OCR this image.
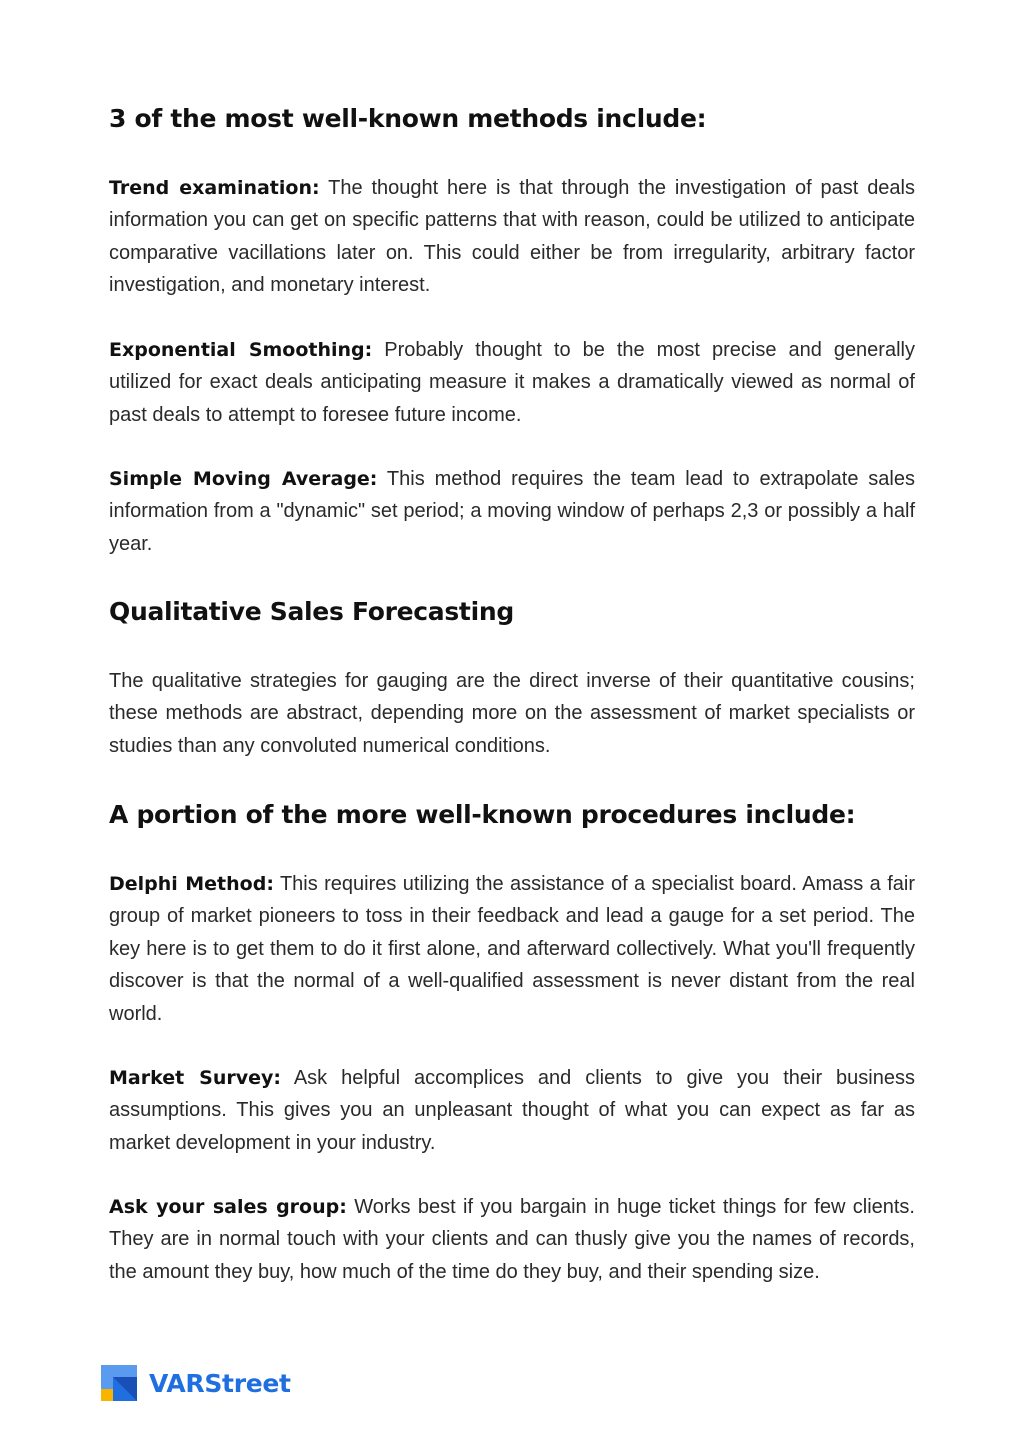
3 of the most well-known methods include:

Trend examination: The thought here is that through the investigation of past deals information you can get on specific patterns that with reason, could be utilized to anticipate comparative vacillations later on. This could either be from irregularity, arbitrary factor investigation, and monetary interest.

Exponential Smoothing: Probably thought to be the most precise and generally utilized for exact deals anticipating measure it makes a dramatically viewed as normal of past deals to attempt to foresee future income.

Simple Moving Average: This method requires the team lead to extrapolate sales information from a "dynamic" set period; a moving window of perhaps 2,3 or possibly a half year.

Qualitative Sales Forecasting

The qualitative strategies for gauging are the direct inverse of their quantitative cousins; these methods are abstract, depending more on the assessment of market specialists or studies than any convoluted numerical conditions.

A portion of the more well-known procedures include:

Delphi Method: This requires utilizing the assistance of a specialist board. Amass a fair group of market pioneers to toss in their feedback and lead a gauge for a set period. The key here is to get them to do it first alone, and afterward collectively. What you'll frequently discover is that the normal of a well-qualified assessment is never distant from the real world.

Market Survey: Ask helpful accomplices and clients to give you their business assumptions. This gives you an unpleasant thought of what you can expect as far as market development in your industry.

Ask your sales group: Works best if you bargain in huge ticket things for few clients. They are in normal touch with your clients and can thusly give you the names of records, the amount they buy, how much of the time do they buy, and their spending size.

VARStreet
